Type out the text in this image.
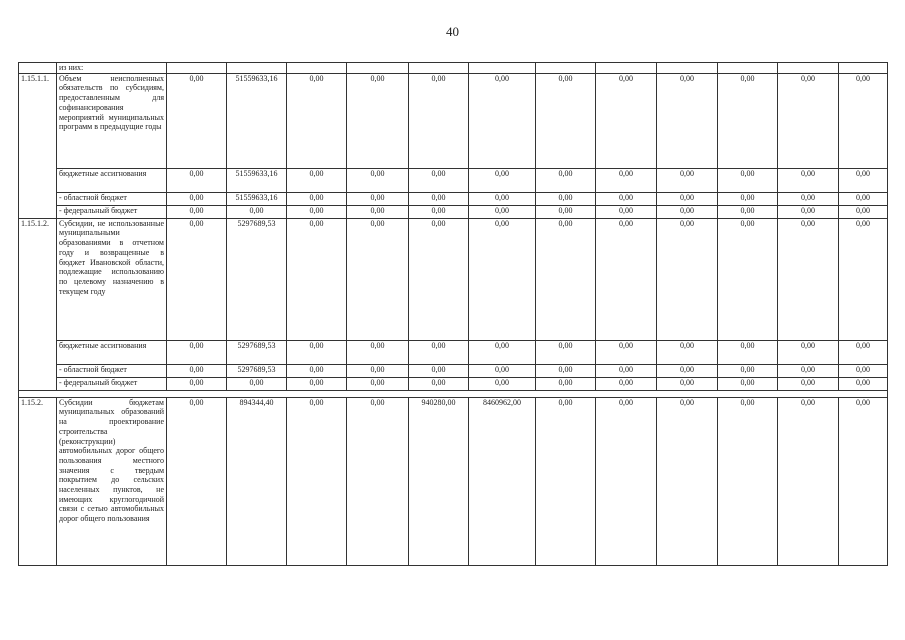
40
	из них:												
1.15.1.1.	Объем неисполненных обязательств по субсидиям, предоставленным для софинансирования мероприятий муниципальных программ в предыдущие годы	0,00	51559633,16	0,00	0,00	0,00	0,00	0,00	0,00	0,00	0,00	0,00	0,00
	бюджетные ассигнования	0,00	51559633,16	0,00	0,00	0,00	0,00	0,00	0,00	0,00	0,00	0,00	0,00
	- областной бюджет	0,00	51559633,16	0,00	0,00	0,00	0,00	0,00	0,00	0,00	0,00	0,00	0,00
	- федеральный бюджет	0,00	0,00	0,00	0,00	0,00	0,00	0,00	0,00	0,00	0,00	0,00	0,00
1.15.1.2.	Субсидии, не использованные муниципальными образованиями в отчетном году и возвращенные в бюджет Ивановской области, подлежащие использованию по целевому назначению в текущем году	0,00	5297689,53	0,00	0,00	0,00	0,00	0,00	0,00	0,00	0,00	0,00	0,00
	бюджетные ассигнования	0,00	5297689,53	0,00	0,00	0,00	0,00	0,00	0,00	0,00	0,00	0,00	0,00
	- областной бюджет	0,00	5297689,53	0,00	0,00	0,00	0,00	0,00	0,00	0,00	0,00	0,00	0,00
	- федеральный бюджет	0,00	0,00	0,00	0,00	0,00	0,00	0,00	0,00	0,00	0,00	0,00	0,00

1.15.2.	Субсидии бюджетам муниципальных образований на проектирование строительства (реконструкции) автомобильных дорог общего пользования местного значения с твердым покрытием до сельских населенных пунктов, не имеющих круглогодичной связи с сетью автомобильных дорог общего пользования	0,00	894344,40	0,00	0,00	940280,00	8460962,00	0,00	0,00	0,00	0,00	0,00	0,00
